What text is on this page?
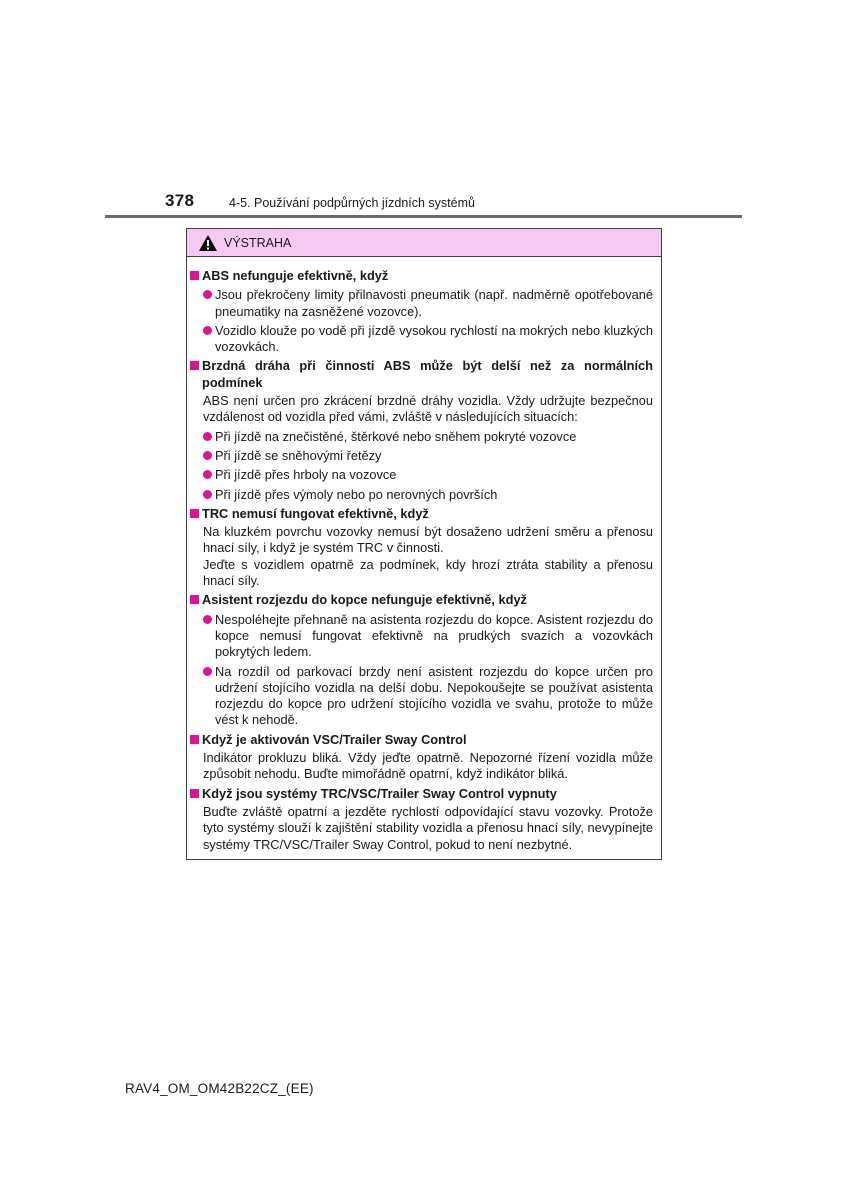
378	4-5. Používání podpůrných jízdních systémů
VÝSTRAHA
ABS nefunguje efektivně, když
Jsou překročeny limity přilnavosti pneumatik (např. nadměrně opotřebované pneumatiky na zasněžené vozovce).
Vozidlo klouže po vodě při jízdě vysokou rychlostí na mokrých nebo kluzkých vozovkách.
Brzdná dráha při činnosti ABS může být delší než za normálních podmínek
ABS není určen pro zkrácení brzdné dráhy vozidla. Vždy udržujte bezpečnou vzdálenost od vozidla před vámi, zvláště v následujících situacích:
Při jízdě na znečistěné, štěrkové nebo sněhem pokryté vozovce
Při jízdě se sněhovými řetězy
Při jízdě přes hrboly na vozovce
Při jízdě přes výmoly nebo po nerovných površích
TRC nemusí fungovat efektivně, když
Na kluzkém povrchu vozovky nemusí být dosaženo udržení směru a přenosu hnací síly, i když je systém TRC v činnosti.
Jeďte s vozidlem opatrně za podmínek, kdy hrozí ztráta stability a přenosu hnací síly.
Asistent rozjezdu do kopce nefunguje efektivně, když
Nespoléhejte přehnaně na asistenta rozjezdu do kopce. Asistent rozjezdu do kopce nemusí fungovat efektivně na prudkých svazích a vozovkách pokrytých ledem.
Na rozdíl od parkovací brzdy není asistent rozjezdu do kopce určen pro udržení stojícího vozidla na delší dobu. Nepokoušejte se používat asistenta rozjezdu do kopce pro udržení stojícího vozidla ve svahu, protože to může vést k nehodě.
Když je aktivován VSC/Trailer Sway Control
Indikátor prokluzu bliká. Vždy jeďte opatrně. Nepozorné řízení vozidla může způsobit nehodu. Buďte mimořádně opatrní, když indikátor bliká.
Když jsou systémy TRC/VSC/Trailer Sway Control vypnuty
Buďte zvláště opatrní a jezděte rychlostí odpovídající stavu vozovky. Protože tyto systémy slouží k zajištění stability vozidla a přenosu hnací síly, nevypínejte systémy TRC/VSC/Trailer Sway Control, pokud to není nezbytné.
RAV4_OM_OM42B22CZ_(EE)
